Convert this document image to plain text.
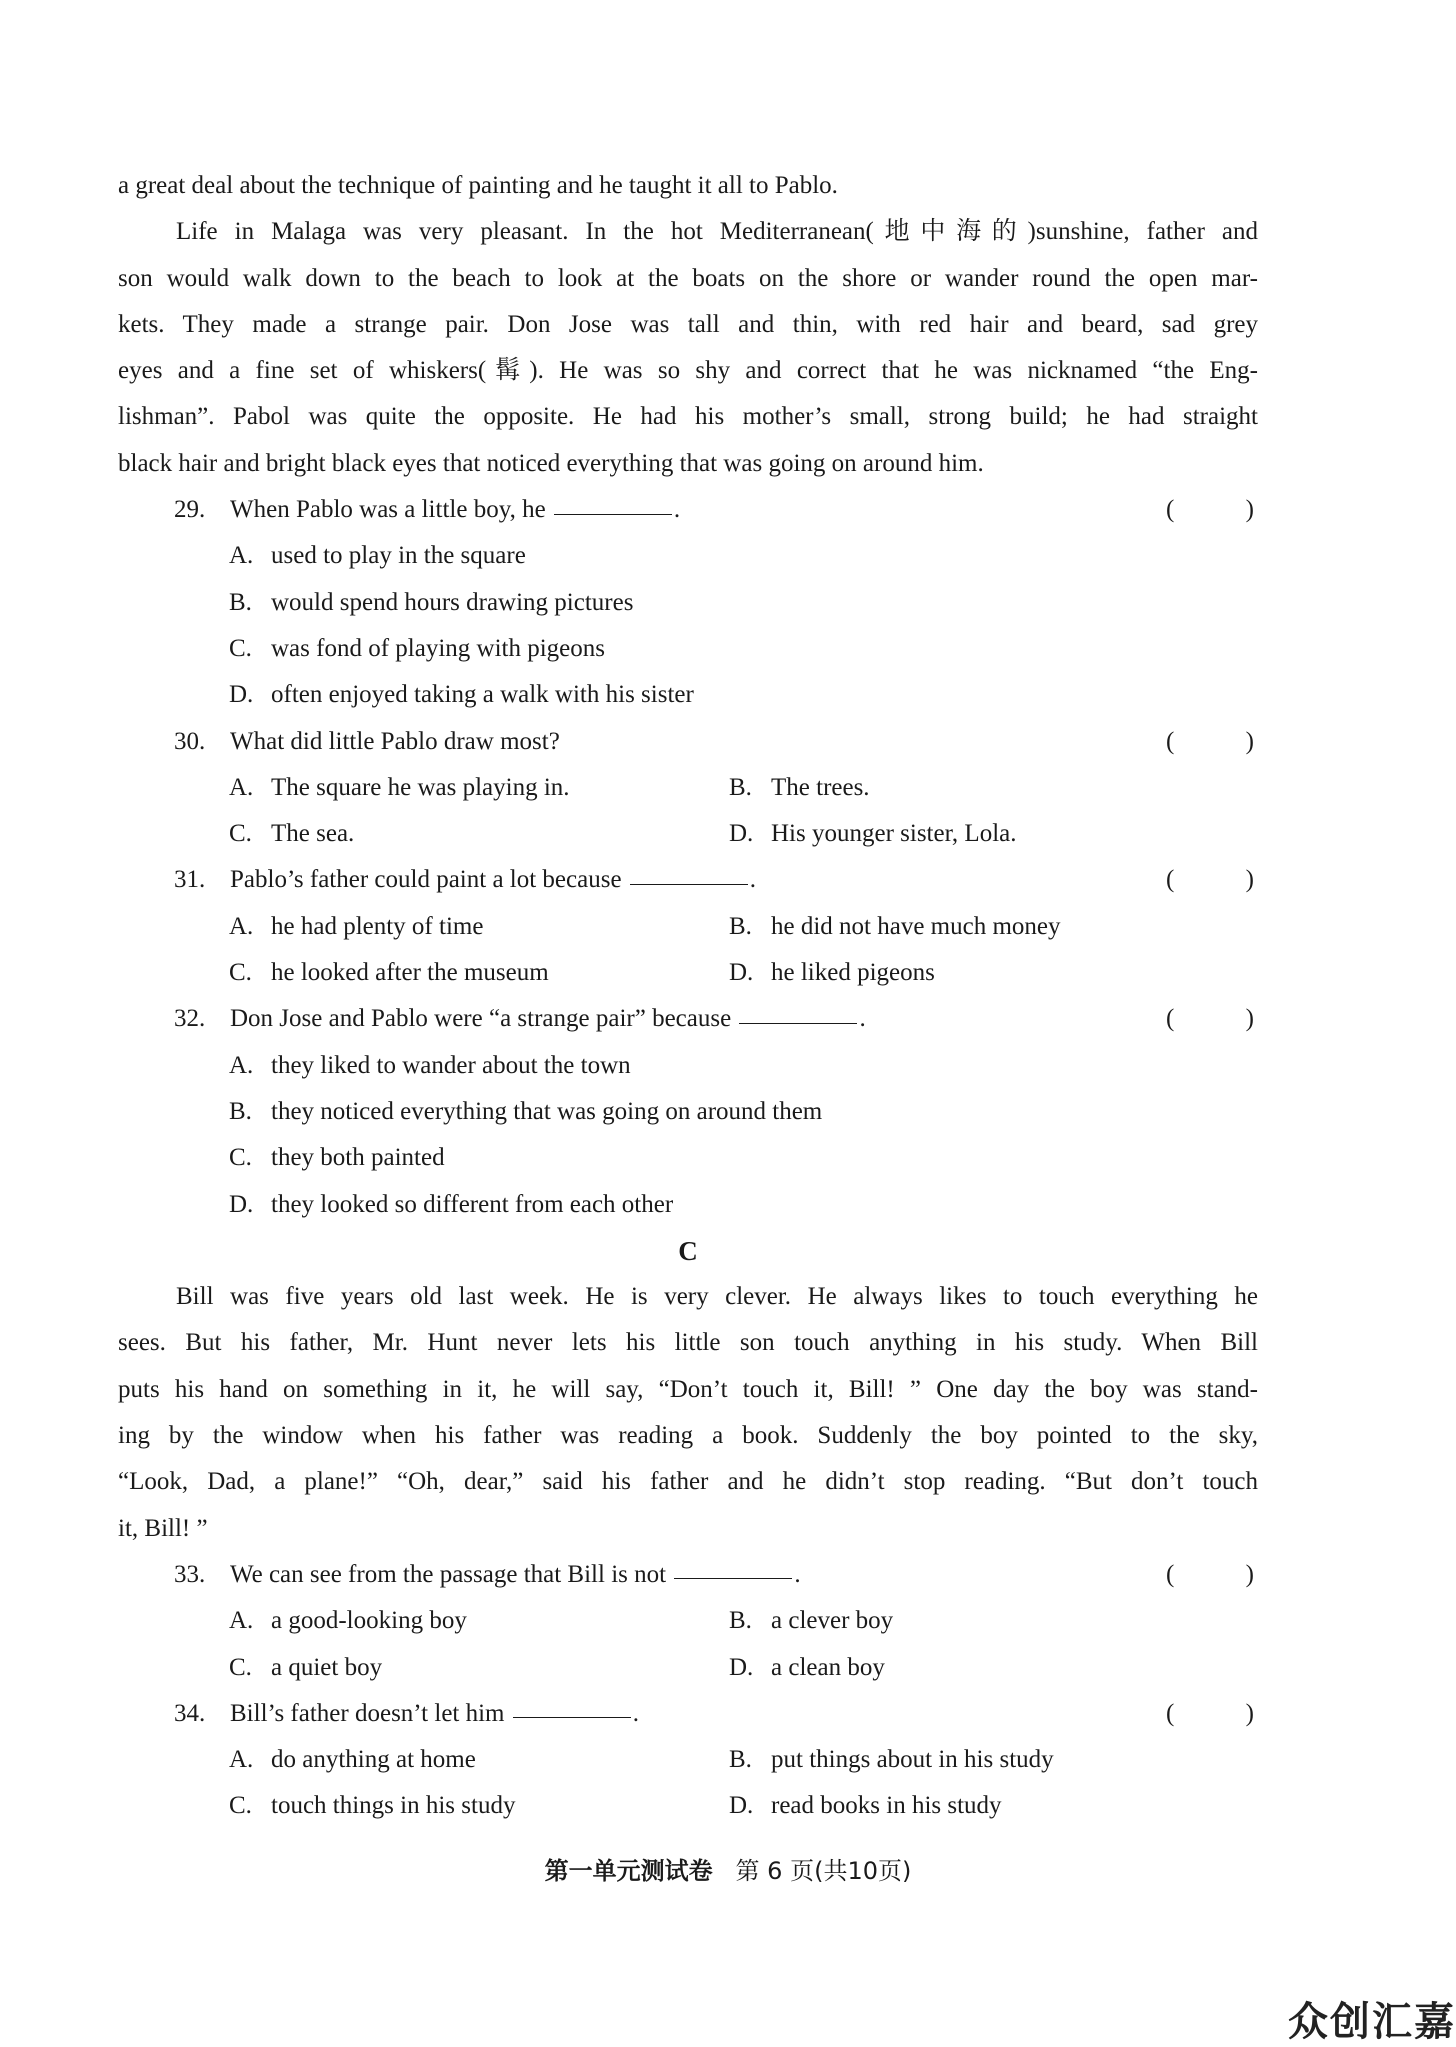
a great deal about the technique of painting and he taught it all to Pablo.
Life in Malaga was very pleasant. In the hot Mediterranean(地中海的)sunshine, father and
son would walk down to the beach to look at the boats on the shore or wander round the open mar-
kets. They made a strange pair. Don Jose was tall and thin, with red hair and beard, sad grey
eyes and a fine set of whiskers(髯). He was so shy and correct that he was nicknamed “the Eng-
lishman”. Pabol was quite the opposite. He had his mother’s small, strong build; he had straight
black hair and bright black eyes that noticed everything that was going on around him.
29. When Pablo was a little boy, he	.	(	)
A. used to play in the square
B. would spend hours drawing pictures
C. was fond of playing with pigeons
D. often enjoyed taking a walk with his sister
30. What did little Pablo draw most?	(	)
A. The square he was playing in.	B. The trees.
C. The sea.	D. His younger sister, Lola.
31. Pablo’s father could paint a lot because	.	(	)
A. he had plenty of time	B. he did not have much money
C. he looked after the museum	D. he liked pigeons
32. Don Jose and Pablo were “a strange pair” because	.	(	)
A. they liked to wander about the town
B. they noticed everything that was going on around them
C. they both painted
D. they looked so different from each other
C
Bill was five years old last week. He is very clever. He always likes to touch everything he
sees. But his father, Mr. Hunt never lets his little son touch anything in his study. When Bill
puts his hand on something in it, he will say, “Don’t touch it, Bill! ” One day the boy was stand-
ing by the window when his father was reading a book. Suddenly the boy pointed to the sky,
“Look, Dad, a plane!” “Oh, dear,” said his father and he didn’t stop reading. “But don’t touch
it, Bill! ”
33. We can see from the passage that Bill is not	.	(	)
A. a good-looking boy	B. a clever boy
C. a quiet boy	D. a clean boy
34. Bill’s father doesn’t let him	.	(	)
A. do anything at home	B. put things about in his study
C. touch things in his study	D. read books in his study
第一单元测试卷 第 6 页(共10页)
众创汇嘉
